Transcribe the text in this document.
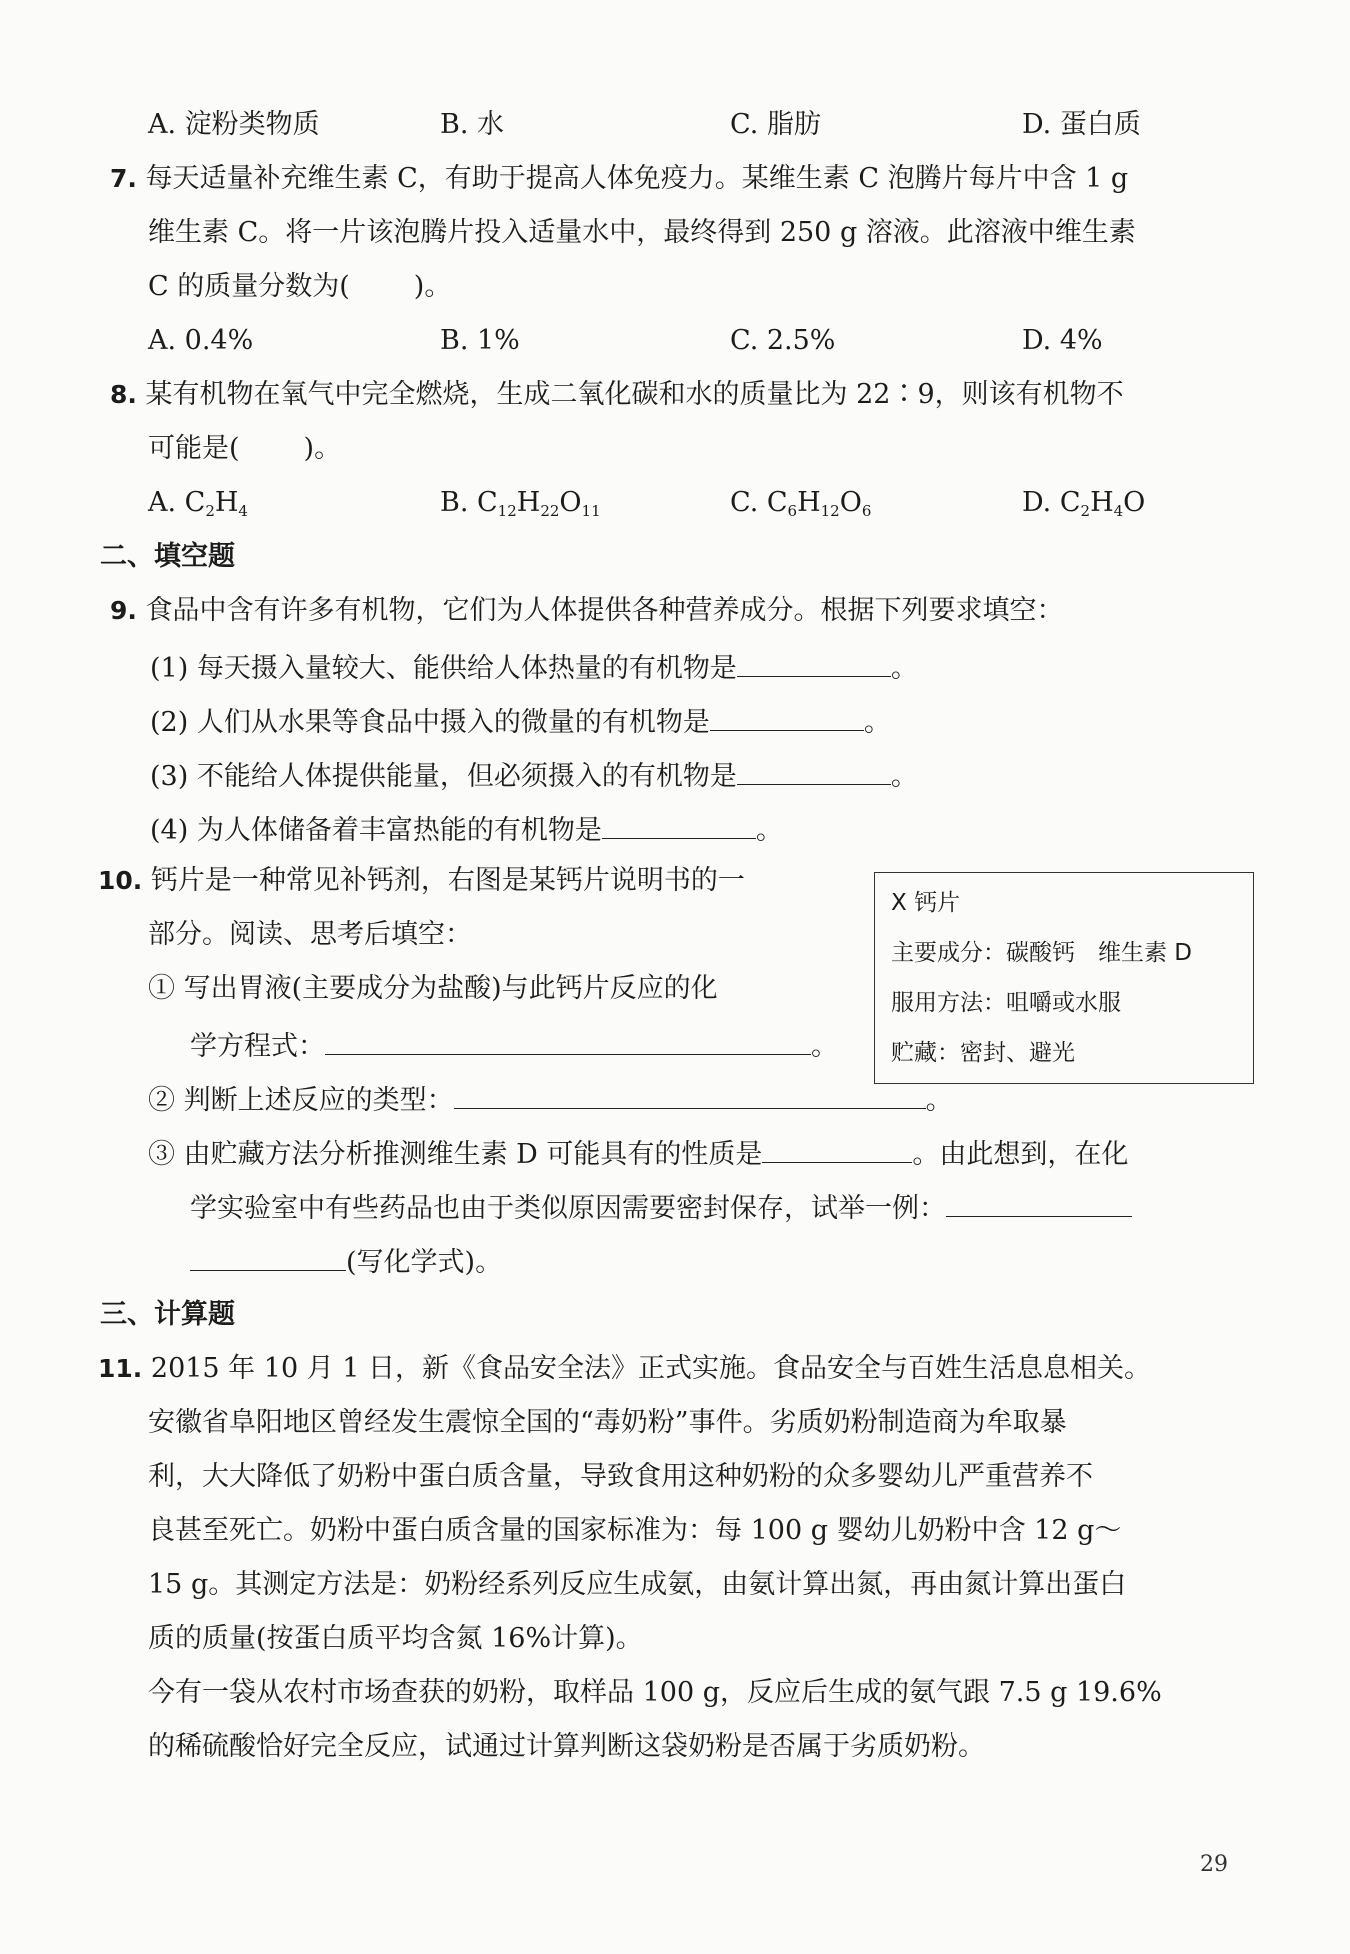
A. 淀粉类物质	B. 水	C. 脂肪	D. 蛋白质
7. 每天适量补充维生素 C，有助于提高人体免疫力。某维生素 C 泡腾片每片中含 1 g
维生素 C。将一片该泡腾片投入适量水中，最终得到 250 g 溶液。此溶液中维生素
C 的质量分数为( )。
A. 0.4%	B. 1%	C. 2.5%	D. 4%
8. 某有机物在氧气中完全燃烧，生成二氧化碳和水的质量比为 22∶9，则该有机物不
可能是( )。
A. $C_2H_4$	B. $C_{12}H_{22}O_{11}$	C. $C_6H_{12}O_6$	D. $C_2H_4O$
二、填空题
9. 食品中含有许多有机物，它们为人体提供各种营养成分。根据下列要求填空：
(1) 每天摄入量较大、能供给人体热量的有机物是	。
(2) 人们从水果等食品中摄入的微量的有机物是	。
(3) 不能给人体提供能量，但必须摄入的有机物是	。
(4) 为人体储备着丰富热能的有机物是	。
10. 钙片是一种常见补钙剂，右图是某钙片说明书的一
部分。阅读、思考后填空：
① 写出胃液(主要成分为盐酸)与此钙片反应的化
学方程式：	。
② 判断上述反应的类型：	。
③ 由贮藏方法分析推测维生素 D 可能具有的性质是	。由此想到，在化
学实验室中有些药品也由于类似原因需要密封保存，试举一例：
(写化学式)。
X 钙片
主要成分：碳酸钙　维生素 D
服用方法：咀嚼或水服
贮藏：密封、避光
三、计算题
11. 2015 年 10 月 1 日，新《食品安全法》正式实施。食品安全与百姓生活息息相关。
安徽省阜阳地区曾经发生震惊全国的“毒奶粉”事件。劣质奶粉制造商为牟取暴
利，大大降低了奶粉中蛋白质含量，导致食用这种奶粉的众多婴幼儿严重营养不
良甚至死亡。奶粉中蛋白质含量的国家标准为：每 100 g 婴幼儿奶粉中含 12 g～
15 g。其测定方法是：奶粉经系列反应生成氨，由氨计算出氮，再由氮计算出蛋白
质的质量(按蛋白质平均含氮 16%计算)。
今有一袋从农村市场查获的奶粉，取样品 100 g，反应后生成的氨气跟 7.5 g 19.6%
的稀硫酸恰好完全反应，试通过计算判断这袋奶粉是否属于劣质奶粉。
29
